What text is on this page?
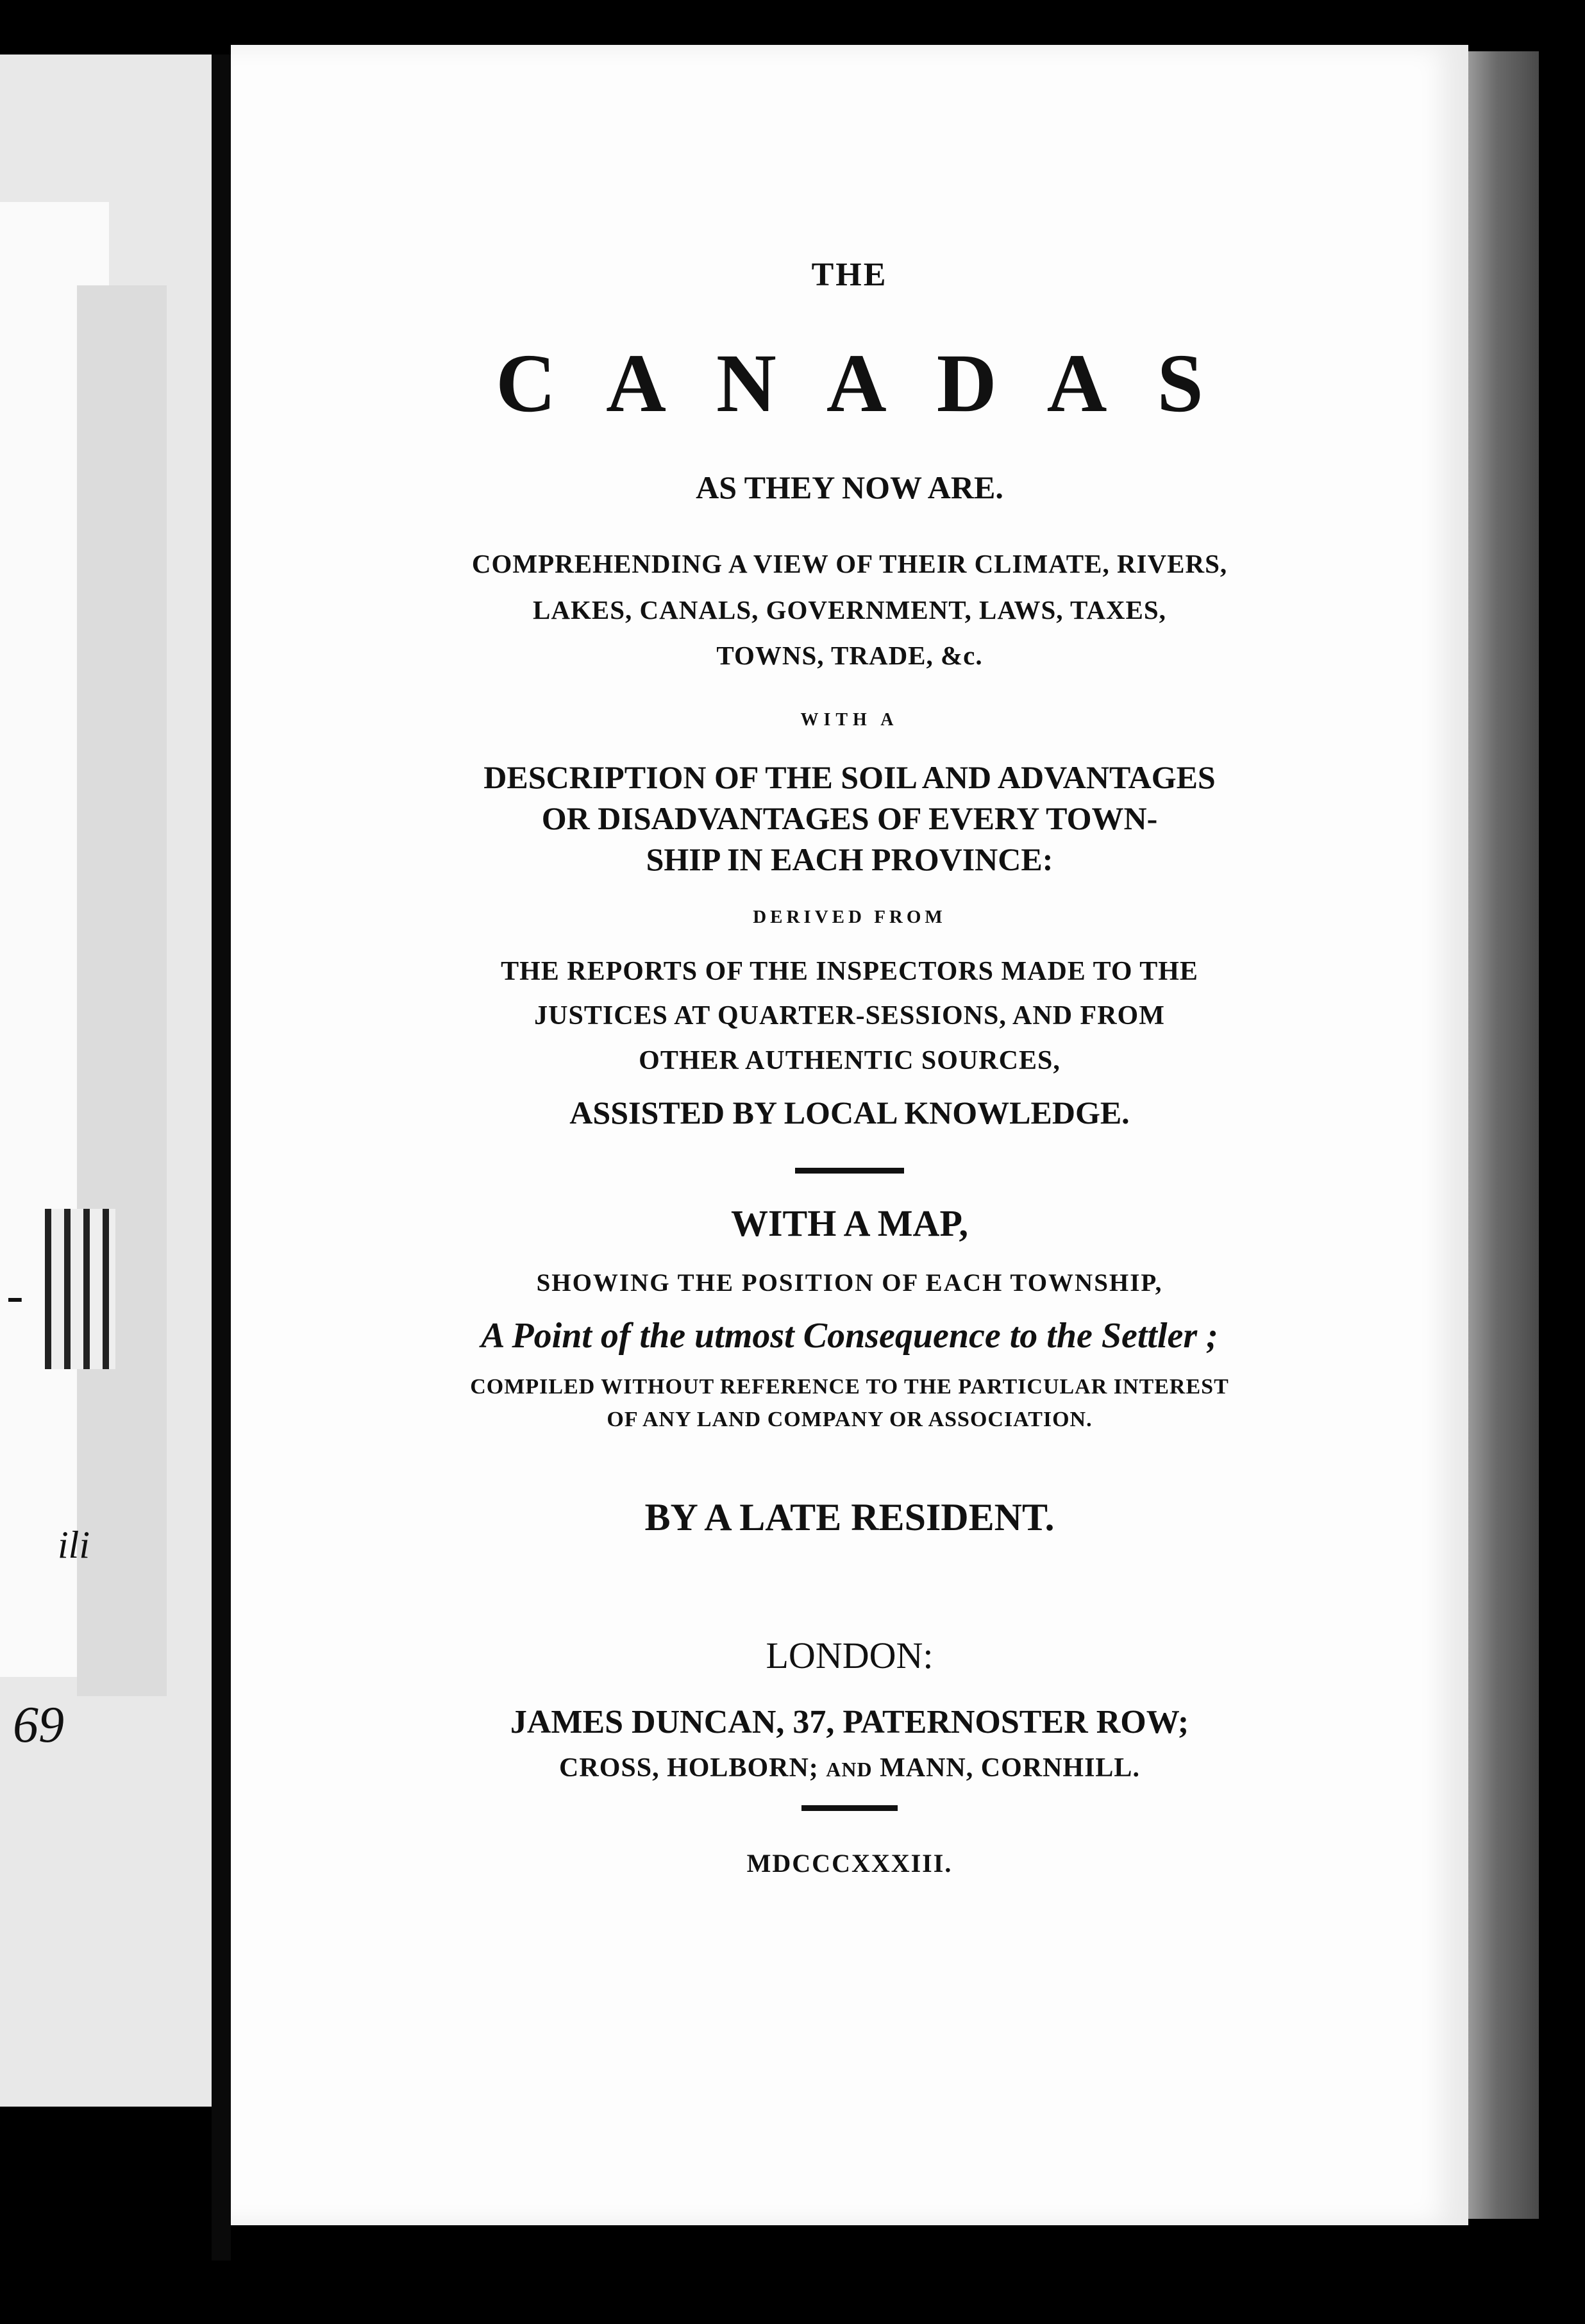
-
ili
69

THE

CANADAS

AS THEY NOW ARE.

COMPREHENDING A VIEW OF THEIR CLIMATE, RIVERS,
LAKES, CANALS, GOVERNMENT, LAWS, TAXES,
TOWNS, TRADE, &c.

WITH A

DESCRIPTION OF THE SOIL AND ADVANTAGES
OR DISADVANTAGES OF EVERY TOWN-
SHIP IN EACH PROVINCE:

DERIVED FROM

THE REPORTS OF THE INSPECTORS MADE TO THE
JUSTICES AT QUARTER-SESSIONS, AND FROM
OTHER AUTHENTIC SOURCES,

ASSISTED BY LOCAL KNOWLEDGE.

WITH A MAP,

SHOWING THE POSITION OF EACH TOWNSHIP,

A Point of the utmost Consequence to the Settler ;

COMPILED WITHOUT REFERENCE TO THE PARTICULAR INTEREST
OF ANY LAND COMPANY OR ASSOCIATION.

BY A LATE RESIDENT.

LONDON:

JAMES DUNCAN, 37, PATERNOSTER ROW;

CROSS, HOLBORN; AND MANN, CORNHILL.

MDCCCXXXIII.
